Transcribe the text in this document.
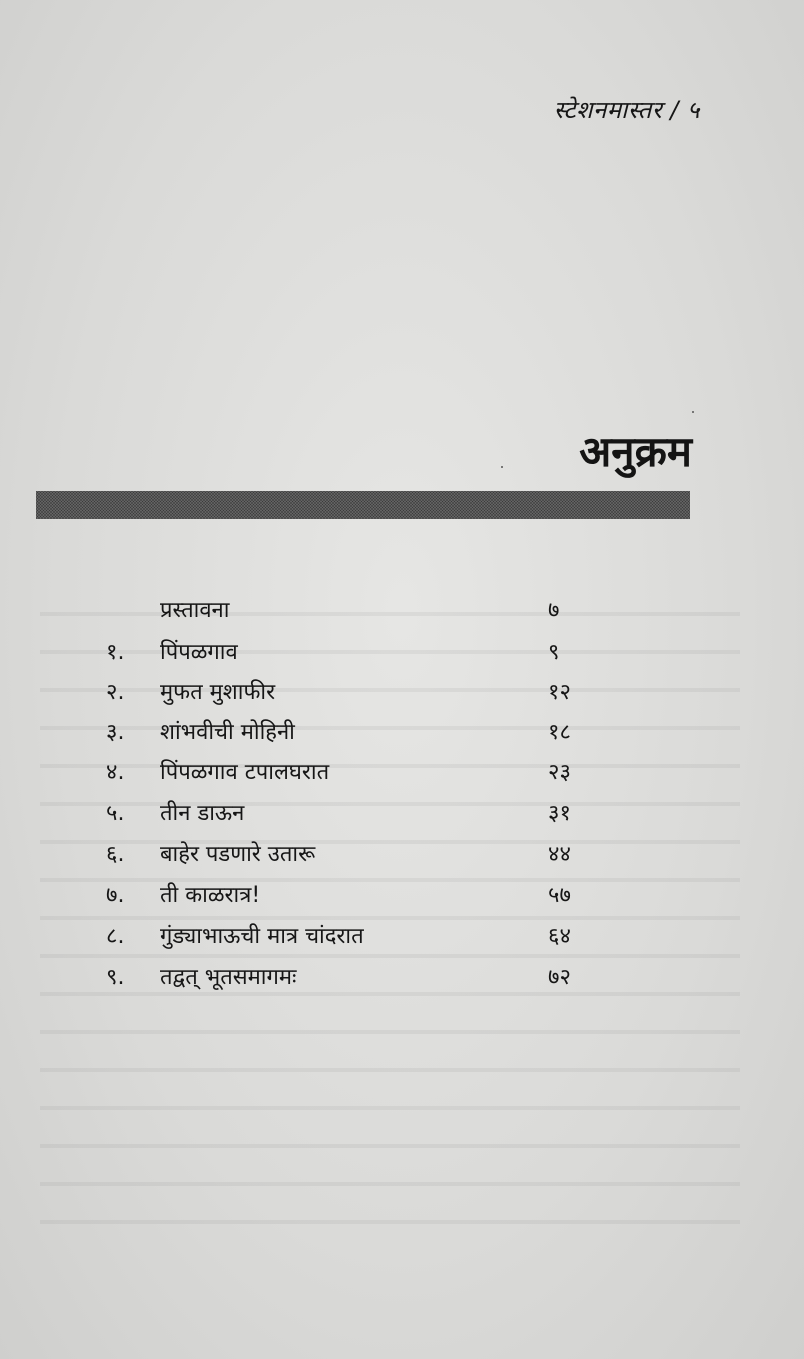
स्टेशनमास्तर / ५
अनुक्रम
प्रस्तावना	७
१. पिंपळगाव	९
२. मुफत मुशाफीर	१२
३. शांभवीची मोहिनी	१८
४. पिंपळगाव टपालघरात	२३
५. तीन डाऊन	३१
६. बाहेर पडणारे उतारू	४४
७. ती काळरात्र!	५७
८. गुंड्याभाऊची मात्र चांदरात	६४
९. तद्वत् भूतसमागमः	७२
